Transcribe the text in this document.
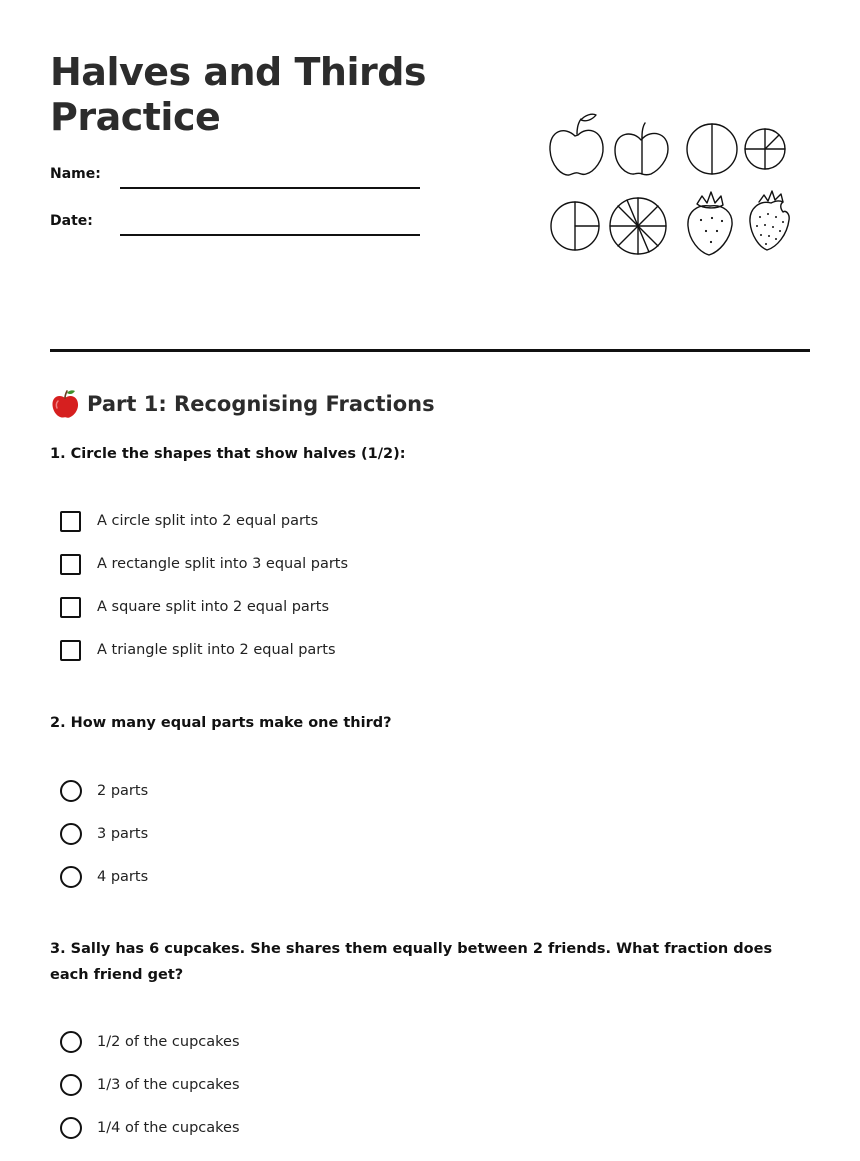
Halves and Thirds
Practice
Name:
Date:
Part 1: Recognising Fractions
1. Circle the shapes that show halves (1/2):
A circle split into 2 equal parts
A rectangle split into 3 equal parts
A square split into 2 equal parts
A triangle split into 2 equal parts
2. How many equal parts make one third?
2 parts
3 parts
4 parts
3. Sally has 6 cupcakes. She shares them equally between 2 friends. What fraction does each friend get?
1/2 of the cupcakes
1/3 of the cupcakes
1/4 of the cupcakes
